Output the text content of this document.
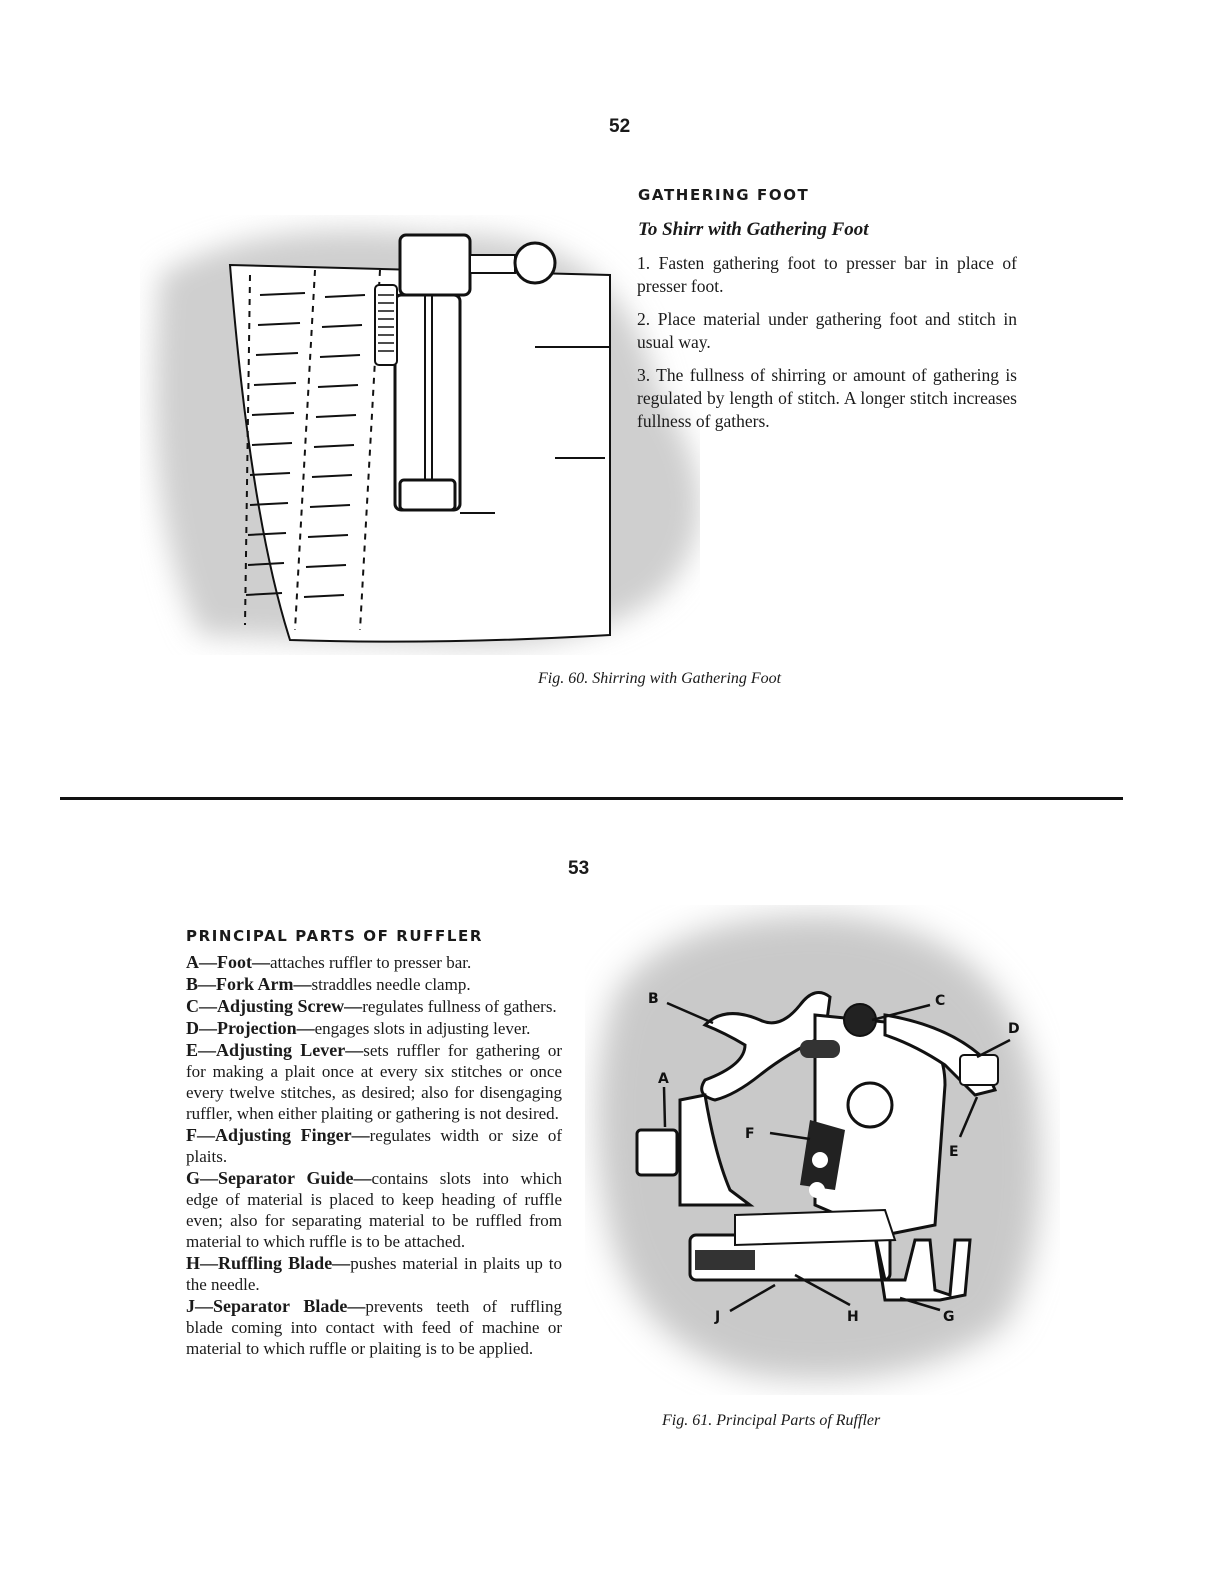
52
GATHERING FOOT
To Shirr with Gathering Foot

1. Fasten gathering foot to presser bar in place of presser foot.

2. Place material under gathering foot and stitch in usual way.

3. The fullness of shirring or amount of gathering is regulated by length of stitch. A longer stitch increases fullness of gathers.

Fig. 60. Shirring with Gathering Foot
53
PRINCIPAL PARTS OF RUFFLER

A—Foot—attaches ruffler to presser bar.

B—Fork Arm—straddles needle clamp.

C—Adjusting Screw—regulates fullness of gathers.

D—Projection—engages slots in adjusting lever.

E—Adjusting Lever—sets ruffler for gathering or for making a plait once at every six stitches or once every twelve stitches, as desired; also for disengaging ruffler, when either plaiting or gathering is not desired.

F—Adjusting Finger—regulates width or size of plaits.

G—Separator Guide—contains slots into which edge of material is placed to keep heading of ruffle even; also for separating material to be ruffled from material to which ruffle is to be attached.

H—Ruffling Blade—pushes material in plaits up to the needle.

J—Separator Blade—prevents teeth of ruffling blade coming into contact with feed of machine or material to which ruffle or plaiting is to be applied.

B	C
D
A
F
E
J	H	G
Fig. 61. Principal Parts of Ruffler
